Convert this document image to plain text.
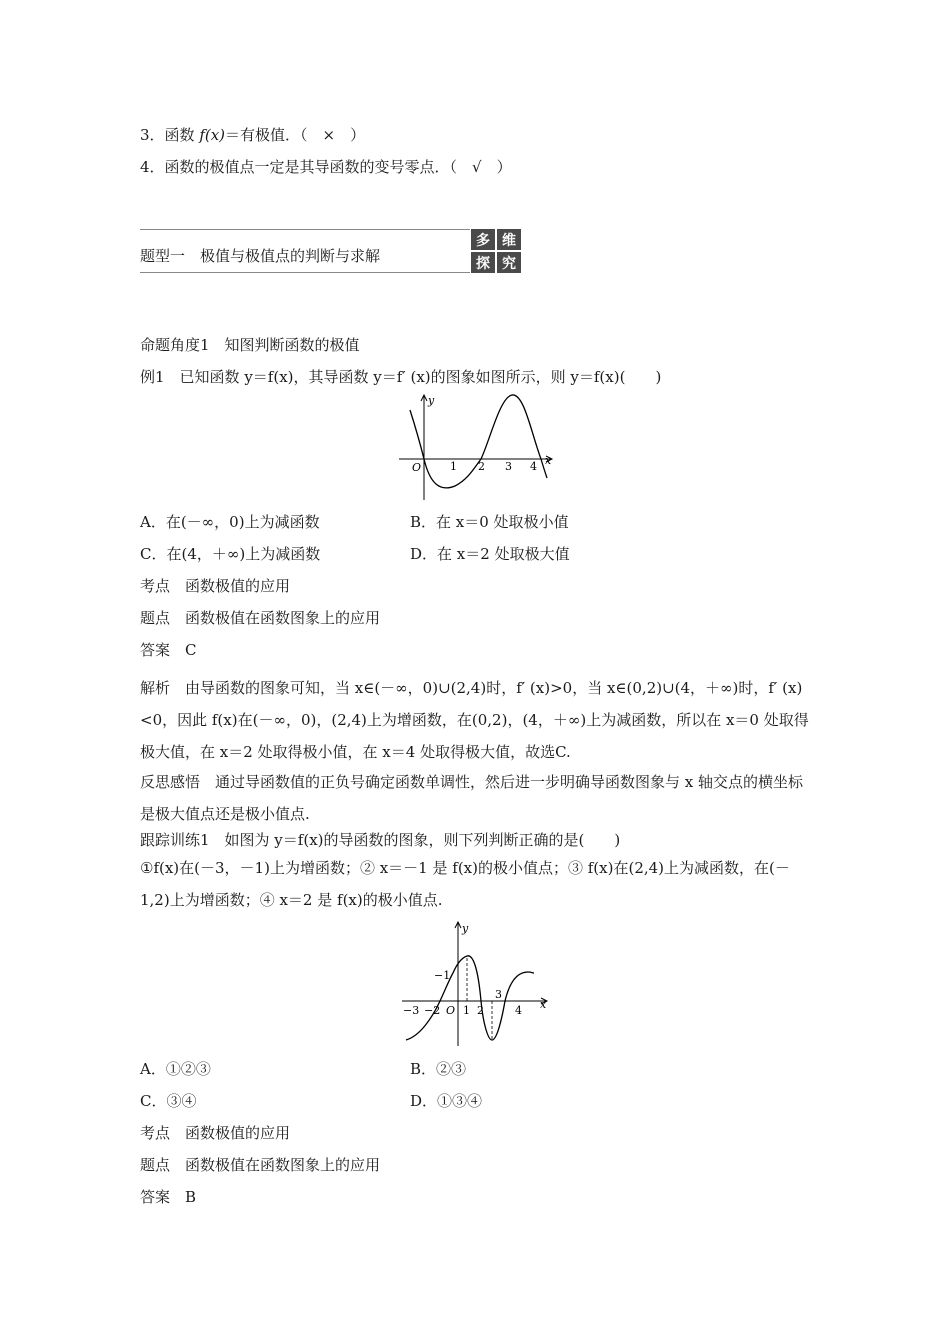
3．函数 f(x)＝有极值．（　×　）
4．函数的极值点一定是其导函数的变号零点．（　√　）
题型一　极值与极值点的判断与求解
多 维
探 究
命题角度1　知图判断函数的极值
例1　已知函数 y＝f(x)，其导函数 y＝f′ (x)的图象如图所示，则 y＝f(x)(　　)
y
O	1 2 3 4 x
A．在(－∞，0)上为减函数	B．在 x＝0 处取极小值
C．在(4，＋∞)上为减函数	D．在 x＝2 处取极大值
考点　函数极值的应用
题点　函数极值在函数图象上的应用
答案　C
解析　由导函数的图象可知，当 x∈(－∞，0)∪(2,4)时，f′ (x)>0，当 x∈(0,2)∪(4，＋∞)时，f′ (x)<0，因此 f(x)在(－∞，0)，(2,4)上为增函数，在(0,2)，(4，＋∞)上为减函数，所以在 x＝0 处取得极大值，在 x＝2 处取得极小值，在 x＝4 处取得极大值，故选C.
反思感悟　通过导函数值的正负号确定函数单调性，然后进一步明确导函数图象与 x 轴交点的横坐标是极大值点还是极小值点.
跟踪训练1　如图为 y＝f(x)的导函数的图象，则下列判断正确的是(　　)
①f(x)在(－3，－1)上为增函数；② x＝－1 是 f(x)的极小值点；③ f(x)在(2,4)上为减函数，在(－1,2)上为增函数；④ x＝2 是 f(x)的极小值点.
y
−1
−3 −2 O 1 2
3
4 x
A．①②③	B．②③
C．③④	D．①③④
考点　函数极值的应用
题点　函数极值在函数图象上的应用
答案　B
